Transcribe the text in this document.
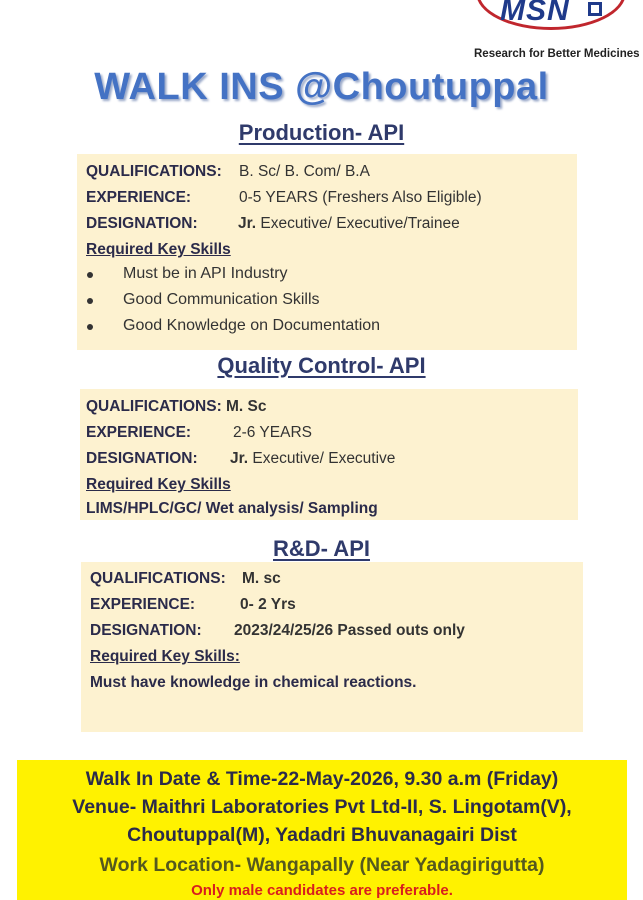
MSN
Research for Better Medicines
WALK INS @Choutuppal
Production- API
QUALIFICATIONS: B. Sc/ B. Com/ B.A
EXPERIENCE:	0-5 YEARS (Freshers Also Eligible)
DESIGNATION:	Jr. Executive/ Executive/Trainee
Required Key Skills
Must be in API Industry
Good Communication Skills
Good Knowledge on Documentation
Quality Control- API
QUALIFICATIONS: M. Sc
EXPERIENCE:	2-6 YEARS
DESIGNATION: Jr. Executive/ Executive
Required Key Skills
LIMS/HPLC/GC/ Wet analysis/ Sampling
R&D- API
QUALIFICATIONS: M. sc
EXPERIENCE:	0- 2 Yrs
DESIGNATION: 2023/24/25/26 Passed outs only
Required Key Skills:
Must have knowledge in chemical reactions.
Walk In Date & Time-22-May-2026, 9.30 a.m (Friday)
Venue- Maithri Laboratories Pvt Ltd-II, S. Lingotam(V),
Choutuppal(M), Yadadri Bhuvanagairi Dist
Work Location- Wangapally (Near Yadagirigutta)
Only male candidates are preferable.
